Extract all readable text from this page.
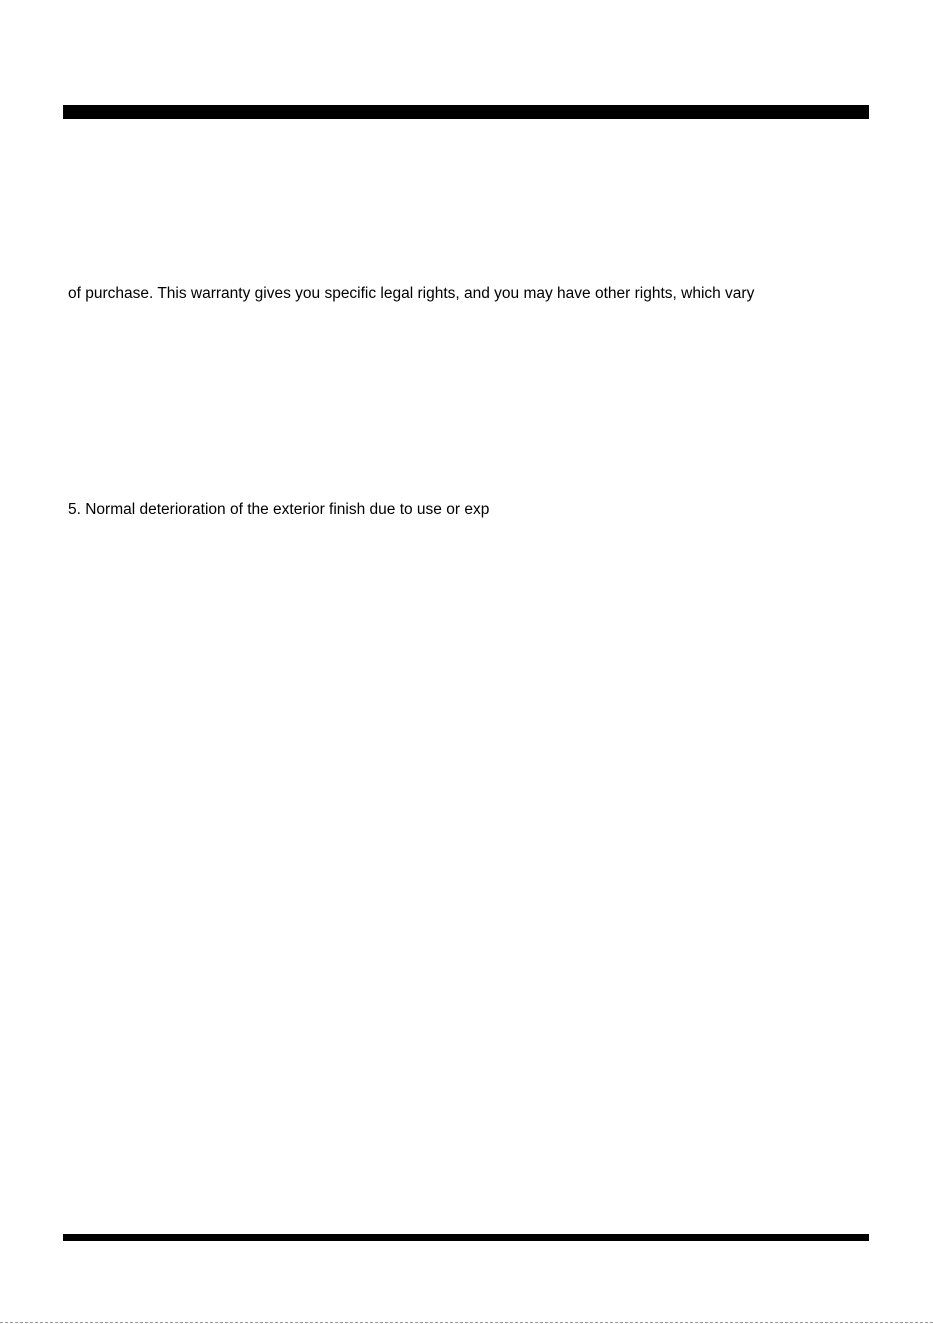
of purchase. This warranty gives you specific legal rights, and you may have other rights, which vary
5. Normal deterioration of the exterior finish due to use or exp
